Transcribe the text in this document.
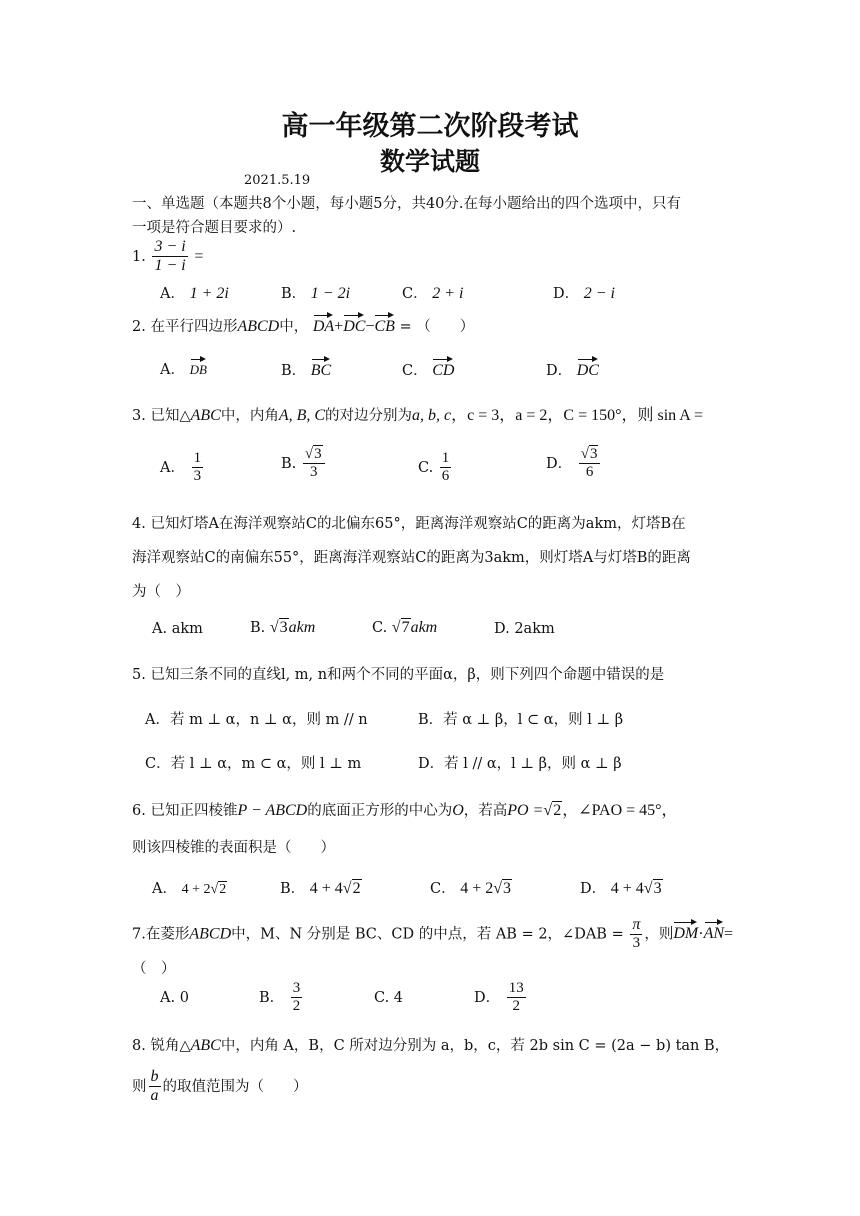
高一年级第二次阶段考试
数学试题
2021.5.19
一、单选题（本题共8个小题，每小题5分，共40分.在每小题给出的四个选项中，只有
一项是符合题目要求的）.
1. $\frac{3 - i}{1 - i}$ =
A． 1 + 2i	B． 1 − 2i	C． 2 + i	D． 2 − i
2. 在平行四边形ABCD中， DA+DC−CB = （　　）
A． DB	B． BC	C． CD	D． DC
3. 已知△ABC中，内角A, B, C的对边分别为a, b, c，c = 3，a = 2，C = 150°，则 sin A =
A． $\frac{1}{3}$	B. $\frac{√3}{3}$	C. $\frac{1}{6}$	D． $\frac{√3}{6}$
4. 已知灯塔A在海洋观察站C的北偏东65°，距离海洋观察站C的距离为akm，灯塔B在
海洋观察站C的南偏东55°，距离海洋观察站C的距离为3akm，则灯塔A与灯塔B的距离
为（　）
A. akm	B. √3akm	C. √7akm	D. 2akm
5. 已知三条不同的直线l, m, n和两个不同的平面α，β，则下列四个命题中错误的是
A．若 m ⊥ α，n ⊥ α，则 m // n	B．若 α ⊥ β，l ⊂ α，则 l ⊥ β
C．若 l ⊥ α，m ⊂ α，则 l ⊥ m	D．若 l // α，l ⊥ β，则 α ⊥ β
6. 已知正四棱锥P − ABCD的底面正方形的中心为O，若高PO =√2，∠PAO = 45°，
则该四棱锥的表面积是（　　）
A． 4 + 2√2	B． 4 + 4√2	C． 4 + 2√3	D． 4 + 4√3
7.在菱形ABCD中，M、N 分别是 BC、CD 的中点，若 AB = 2，∠DAB = $\frac{\pi}{3}$ ，则DM·AN=
（　）
A. 0	B． $\frac{3}{2}$	C. 4	D． $\frac{13}{2}$
8. 锐角△ABC中，内角 A，B，C 所对边分别为 a，b，c，若 2b sin C = (2a − b) tan B，
则 $\frac{b}{a}$ 的取值范围为（　　）
